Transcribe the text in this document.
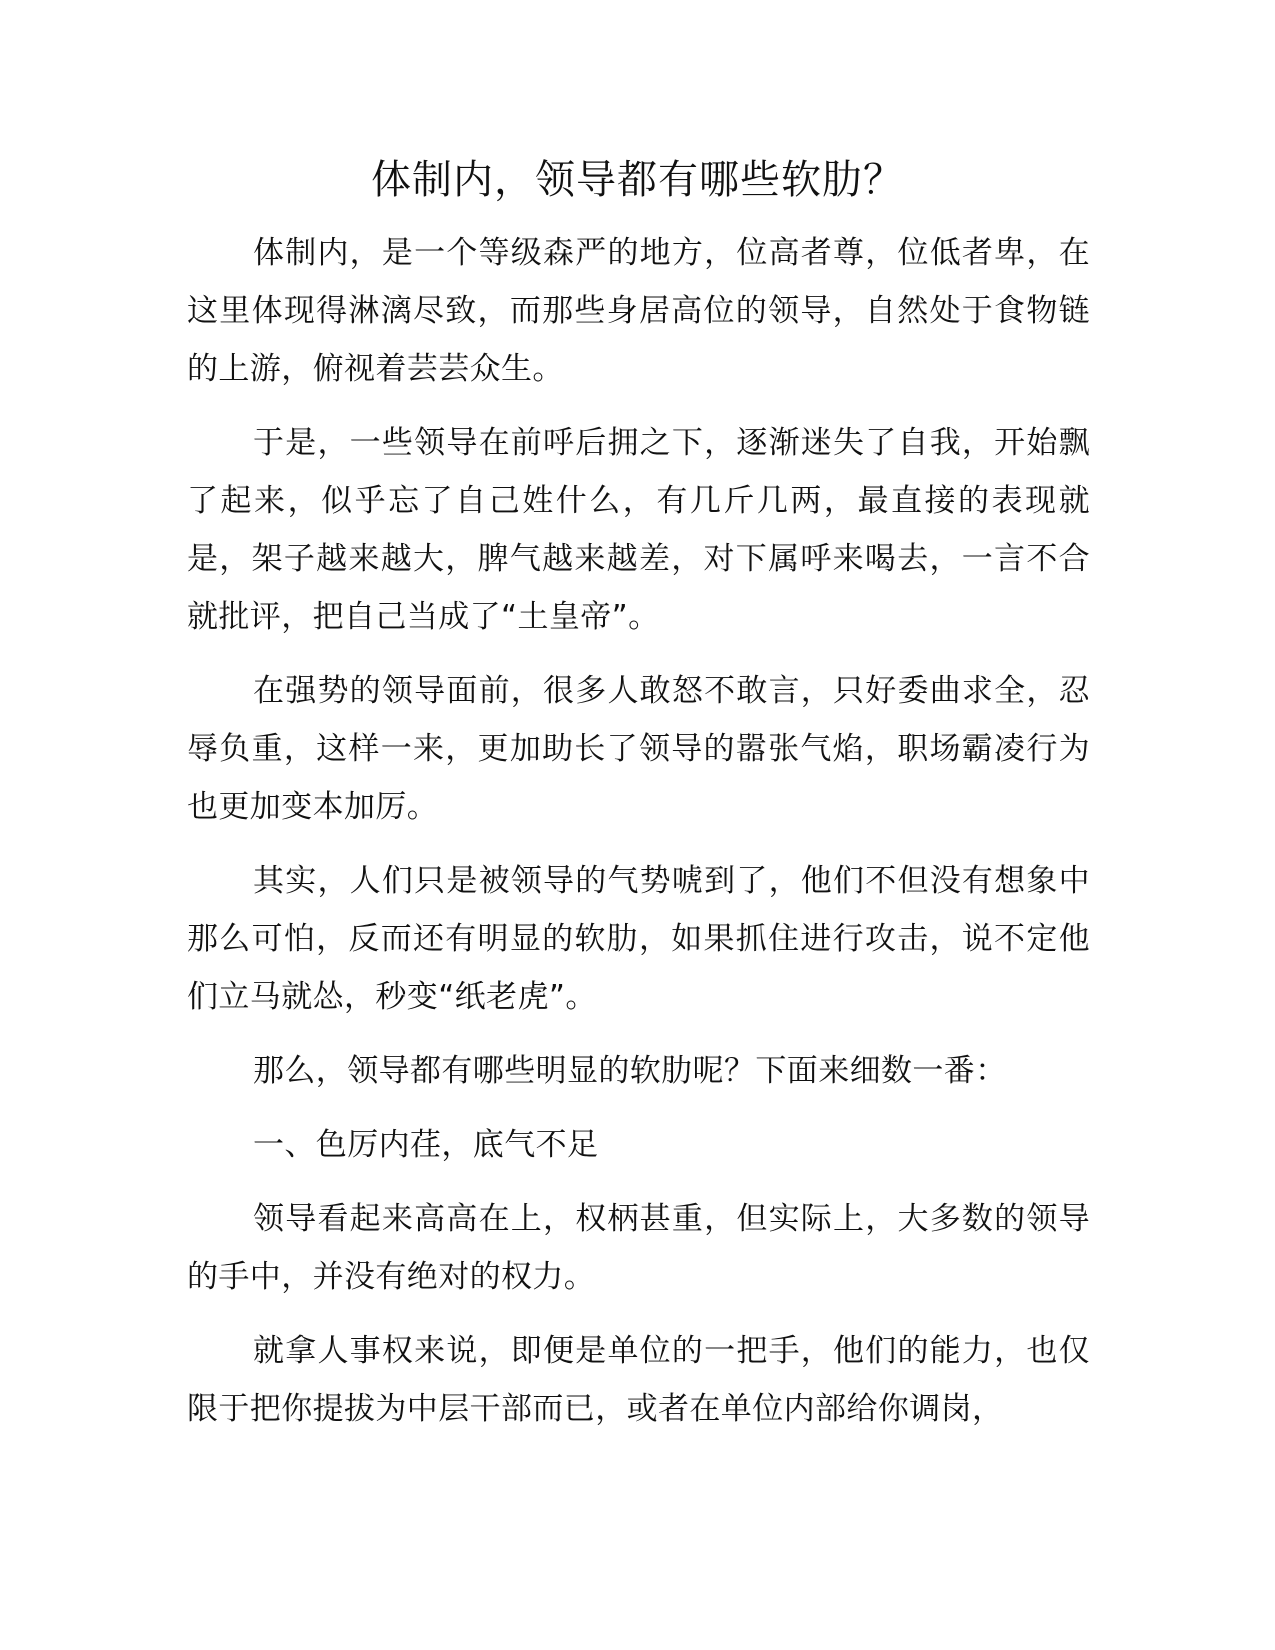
体制内，领导都有哪些软肋？

体制内，是一个等级森严的地方，位高者尊，位低者卑，在这里体现得淋漓尽致，而那些身居高位的领导，自然处于食物链的上游，俯视着芸芸众生。

于是，一些领导在前呼后拥之下，逐渐迷失了自我，开始飘了起来，似乎忘了自己姓什么，有几斤几两，最直接的表现就是，架子越来越大，脾气越来越差，对下属呼来喝去，一言不合就批评，把自己当成了“土皇帝”。

在强势的领导面前，很多人敢怒不敢言，只好委曲求全，忍辱负重，这样一来，更加助长了领导的嚣张气焰，职场霸凌行为也更加变本加厉。

其实，人们只是被领导的气势唬到了，他们不但没有想象中那么可怕，反而还有明显的软肋，如果抓住进行攻击，说不定他们立马就怂，秒变“纸老虎”。

那么，领导都有哪些明显的软肋呢？下面来细数一番：

一、色厉内荏，底气不足

领导看起来高高在上，权柄甚重，但实际上，大多数的领导的手中，并没有绝对的权力。

就拿人事权来说，即便是单位的一把手，他们的能力，也仅限于把你提拔为中层干部而已，或者在单位内部给你调岗，
